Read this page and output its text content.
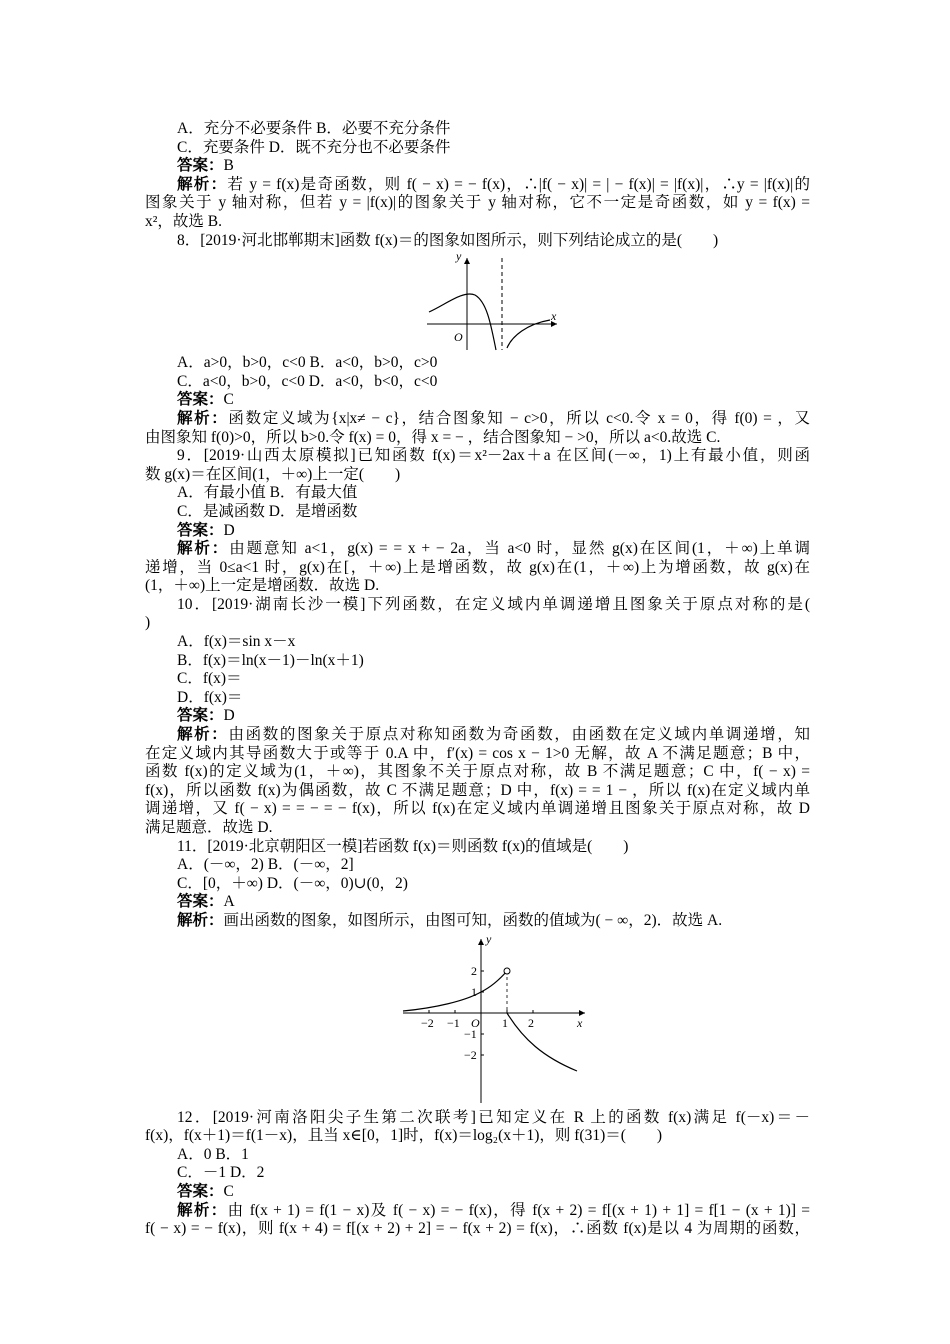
A．充分不必要条件 B．必要不充分条件
C．充要条件 D．既不充分也不必要条件
答案：B
解析：若 y = f(x)是奇函数，则 f( − x) = − f(x)，∴|f( − x)| = | − f(x)| = |f(x)|，∴y = |f(x)|的
图象关于 y 轴对称，但若 y = |f(x)|的图象关于 y 轴对称，它不一定是奇函数，如 y = f(x) =
x²，故选 B.
8．[2019·河北邯郸期末]函数 f(x)＝的图象如图所示，则下列结论成立的是(　　)
y
O
x
A．a>0，b>0，c<0 B．a<0，b>0，c>0
C．a<0，b>0，c<0 D．a<0，b<0，c<0
答案：C
解析：函数定义域为{x|x≠ − c}，结合图象知 − c>0，所以 c<0.令 x = 0，得 f(0) = ，又
由图象知 f(0)>0，所以 b>0.令 f(x) = 0，得 x = − ，结合图象知 − >0，所以 a<0.故选 C.
9．[2019·山西太原模拟]已知函数 f(x)＝x²－2ax＋a 在区间(－∞，1)上有最小值，则函
数 g(x)＝在区间(1，＋∞)上一定(　　)
A．有最小值 B．有最大值
C．是减函数 D．是增函数
答案：D
解析：由题意知 a<1，g(x) = = x + − 2a，当 a<0 时，显然 g(x)在区间(1，＋∞)上单调
递增，当 0≤a<1 时，g(x)在[，＋∞)上是增函数，故 g(x)在(1，＋∞)上为增函数，故 g(x)在
(1，＋∞)上一定是增函数．故选 D.
10．[2019·湖南长沙一模]下列函数，在定义域内单调递增且图象关于原点对称的是(
)
A．f(x)＝sin x－x
B．f(x)＝ln(x－1)－ln(x＋1)
C．f(x)＝
D．f(x)＝
答案：D
解析：由函数的图象关于原点对称知函数为奇函数，由函数在定义域内单调递增，知
在定义域内其导函数大于或等于 0.A 中，f′(x) = cos x − 1>0 无解，故 A 不满足题意；B 中，
函数 f(x)的定义域为(1，＋∞)，其图象不关于原点对称，故 B 不满足题意；C 中，f( − x) =
f(x)，所以函数 f(x)为偶函数，故 C 不满足题意；D 中，f(x) = = 1 − ，所以 f(x)在定义域内单
调递增，又 f( − x) = = − = − f(x)，所以 f(x)在定义域内单调递增且图象关于原点对称，故 D
满足题意．故选 D.
11．[2019·北京朝阳区一模]若函数 f(x)＝则函数 f(x)的值域是(　　)
A．(－∞，2) B．(－∞，2]
C．[0，＋∞) D．(－∞，0)∪(0，2)
答案：A
解析：画出函数的图象，如图所示，由图可知，函数的值域为( − ∞，2)．故选 A.
y
x
O
−2 −1	1 2
2
1
−1
−2
12．[2019·河南洛阳尖子生第二次联考]已知定义在 R 上的函数 f(x)满足 f(－x)＝－
f(x)，f(x＋1)＝f(1－x)，且当 x∈[0，1]时，f(x)＝log₂(x＋1)，则 f(31)＝(　　)
A．0 B．1
C．－1 D．2
答案：C
解析：由 f(x + 1) = f(1 − x)及 f( − x) = − f(x)，得 f(x + 2) = f[(x + 1) + 1] = f[1 − (x + 1)] =
f( − x) = − f(x)，则 f(x + 4) = f[(x + 2) + 2] = − f(x + 2) = f(x)，∴函数 f(x)是以 4 为周期的函数，
